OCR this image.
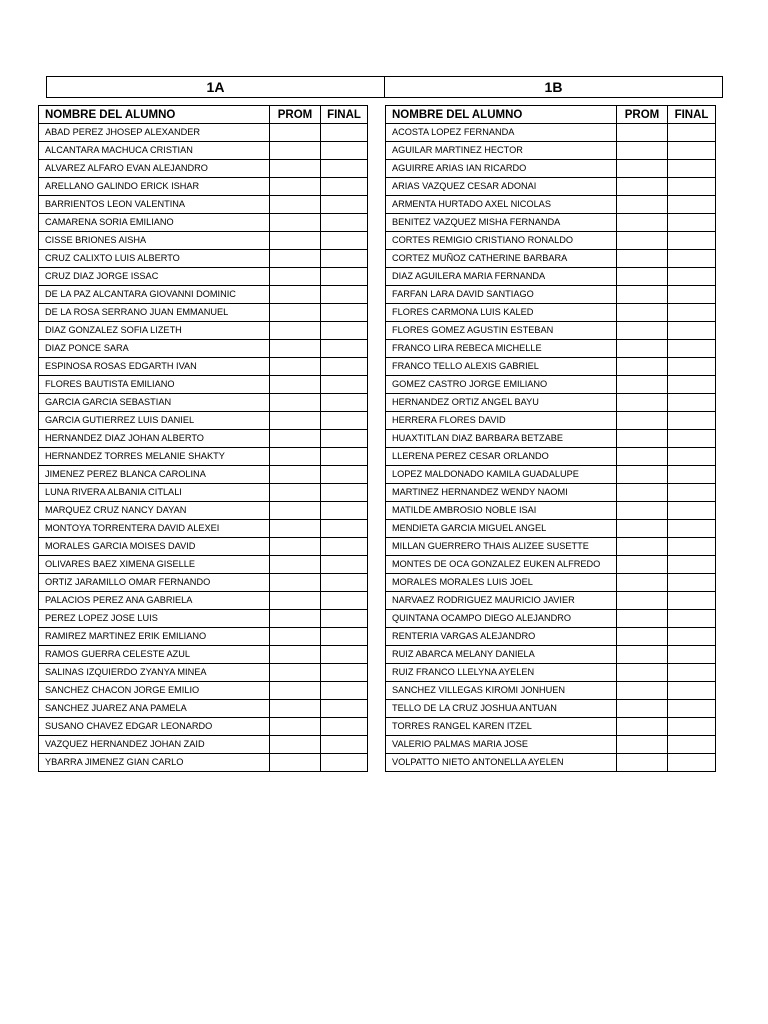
1A	1B
NOMBRE DEL ALUMNO	PROM	FINAL
ABAD PEREZ JHOSEP ALEXANDER		
ALCANTARA MACHUCA CRISTIAN		
ALVAREZ ALFARO EVAN ALEJANDRO		
ARELLANO GALINDO ERICK ISHAR		
BARRIENTOS LEON VALENTINA		
CAMARENA SORIA EMILIANO		
CISSE BRIONES AISHA		
CRUZ CALIXTO LUIS ALBERTO		
CRUZ DIAZ JORGE ISSAC		
DE LA PAZ ALCANTARA GIOVANNI DOMINIC		
DE LA ROSA SERRANO JUAN EMMANUEL		
DIAZ GONZALEZ SOFIA LIZETH		
DIAZ PONCE SARA		
ESPINOSA ROSAS EDGARTH IVAN		
FLORES BAUTISTA EMILIANO		
GARCIA GARCIA SEBASTIAN		
GARCIA GUTIERREZ LUIS DANIEL		
HERNANDEZ DIAZ JOHAN ALBERTO		
HERNANDEZ TORRES MELANIE SHAKTY		
JIMENEZ PEREZ BLANCA CAROLINA		
LUNA RIVERA ALBANIA CITLALI		
MARQUEZ CRUZ NANCY DAYAN		
MONTOYA TORRENTERA DAVID ALEXEI		
MORALES GARCIA MOISES DAVID		
OLIVARES BAEZ XIMENA GISELLE		
ORTIZ JARAMILLO OMAR FERNANDO		
PALACIOS PEREZ ANA GABRIELA		
PEREZ LOPEZ JOSE LUIS		
RAMIREZ MARTINEZ ERIK EMILIANO		
RAMOS GUERRA CELESTE AZUL		
SALINAS IZQUIERDO ZYANYA MINEA		
SANCHEZ CHACON JORGE EMILIO		
SANCHEZ JUAREZ ANA PAMELA		
SUSANO CHAVEZ EDGAR LEONARDO		
VAZQUEZ HERNANDEZ JOHAN ZAID		
YBARRA JIMENEZ GIAN CARLO		
NOMBRE DEL ALUMNO	PROM	FINAL
ACOSTA LOPEZ FERNANDA		
AGUILAR MARTINEZ HECTOR		
AGUIRRE ARIAS IAN RICARDO		
ARIAS VAZQUEZ CESAR ADONAI		
ARMENTA HURTADO AXEL NICOLAS		
BENITEZ VAZQUEZ MISHA FERNANDA		
CORTES REMIGIO CRISTIANO RONALDO		
CORTEZ MUÑOZ CATHERINE BARBARA		
DIAZ AGUILERA MARIA FERNANDA		
FARFAN LARA DAVID SANTIAGO		
FLORES CARMONA LUIS KALED		
FLORES GOMEZ AGUSTIN ESTEBAN		
FRANCO LIRA REBECA MICHELLE		
FRANCO TELLO ALEXIS GABRIEL		
GOMEZ CASTRO JORGE EMILIANO		
HERNANDEZ ORTIZ ANGEL BAYU		
HERRERA FLORES DAVID		
HUAXTITLAN DIAZ BARBARA BETZABE		
LLERENA PEREZ CESAR ORLANDO		
LOPEZ MALDONADO KAMILA GUADALUPE		
MARTINEZ HERNANDEZ WENDY NAOMI		
MATILDE AMBROSIO NOBLE ISAI		
MENDIETA GARCIA MIGUEL ANGEL		
MILLAN GUERRERO THAIS ALIZEE SUSETTE		
MONTES DE OCA GONZALEZ EUKEN ALFREDO		
MORALES MORALES LUIS JOEL		
NARVAEZ RODRIGUEZ MAURICIO JAVIER		
QUINTANA OCAMPO DIEGO ALEJANDRO		
RENTERIA VARGAS ALEJANDRO		
RUIZ ABARCA MELANY DANIELA		
RUIZ FRANCO LLELYNA AYELEN		
SANCHEZ VILLEGAS KIROMI JONHUEN		
TELLO DE LA CRUZ JOSHUA ANTUAN		
TORRES RANGEL KAREN ITZEL		
VALERIO PALMAS MARIA JOSE		
VOLPATTO NIETO ANTONELLA AYELEN		
